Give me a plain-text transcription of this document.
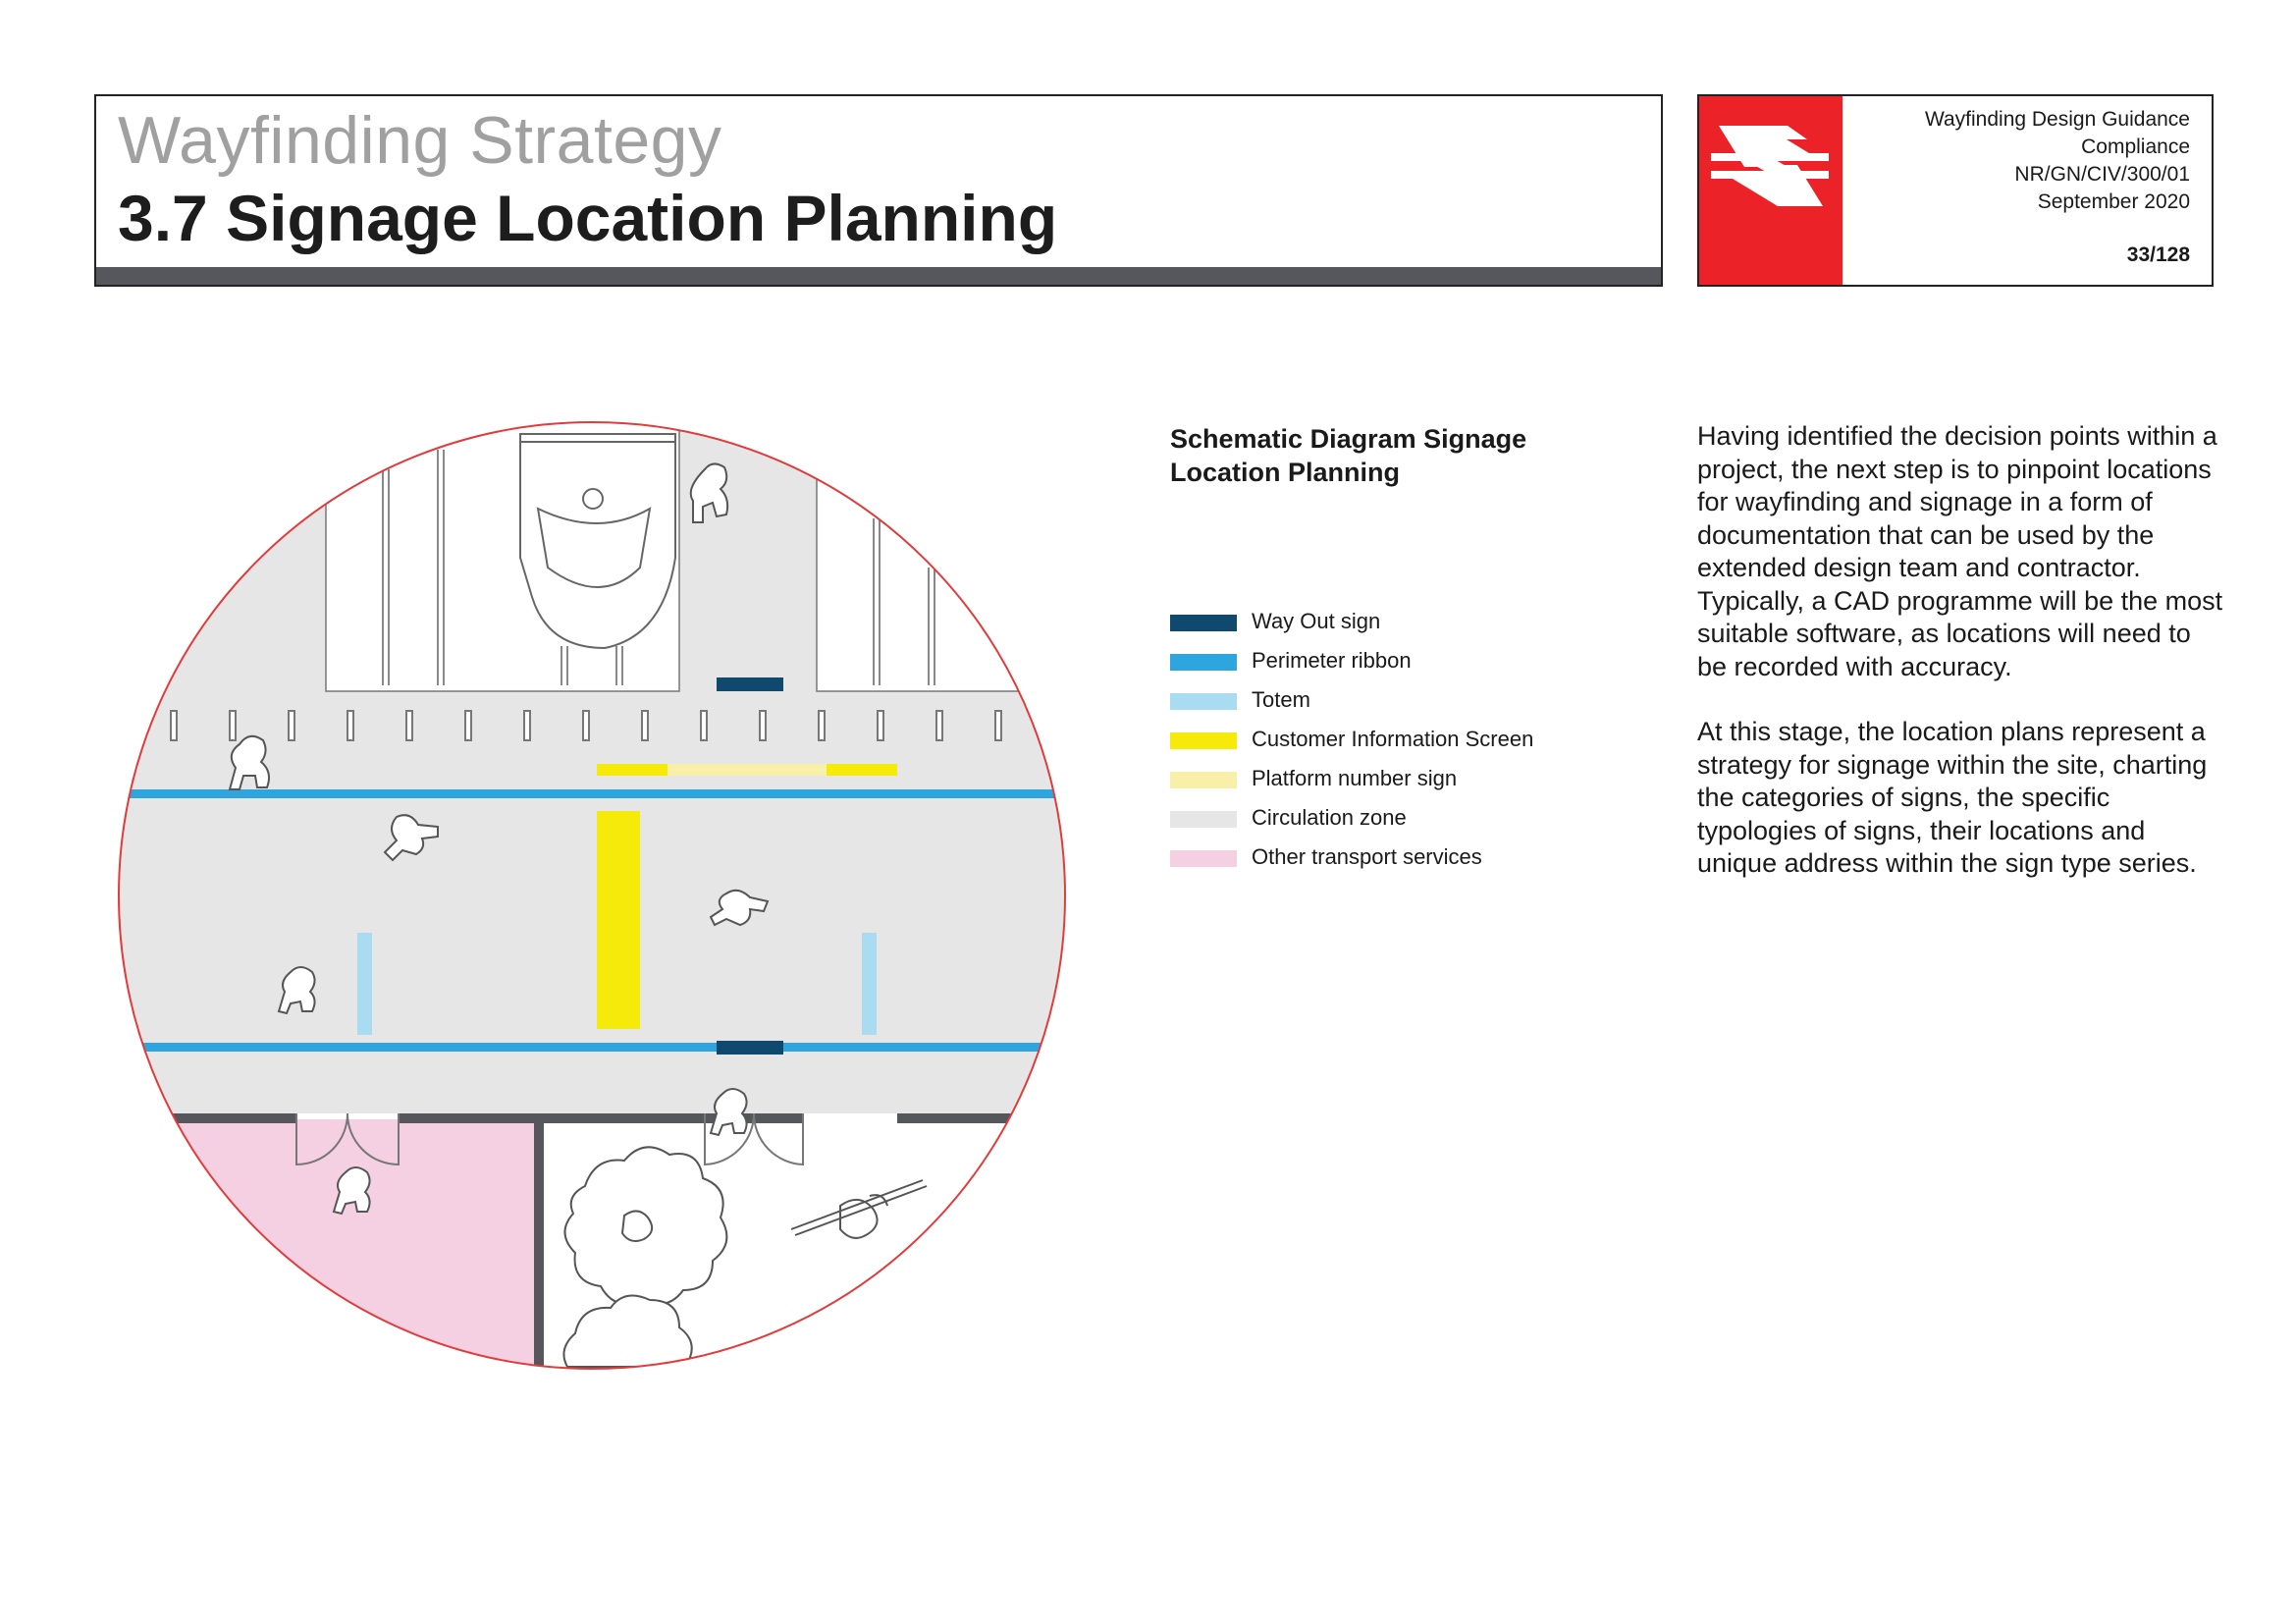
Wayfinding Strategy
3.7 Signage Location Planning
Wayfinding Design Guidance
Compliance
NR/GN/CIV/300/01
September 2020
33/128
Schematic Diagram Signage Location Planning
Way Out sign
Perimeter ribbon
Totem
Customer Information Screen
Platform number sign
Circulation zone
Other transport services

Having identified the decision points within a project, the next step is to pinpoint locations for wayfinding and signage in a form of documentation that can be used by the extended design team and contractor. Typically, a CAD programme will be the most suitable software, as locations will need to be recorded with accuracy.

At this stage, the location plans represent a strategy for signage within the site, charting the categories of signs, the specific typologies of signs, their locations and unique address within the sign type series.
